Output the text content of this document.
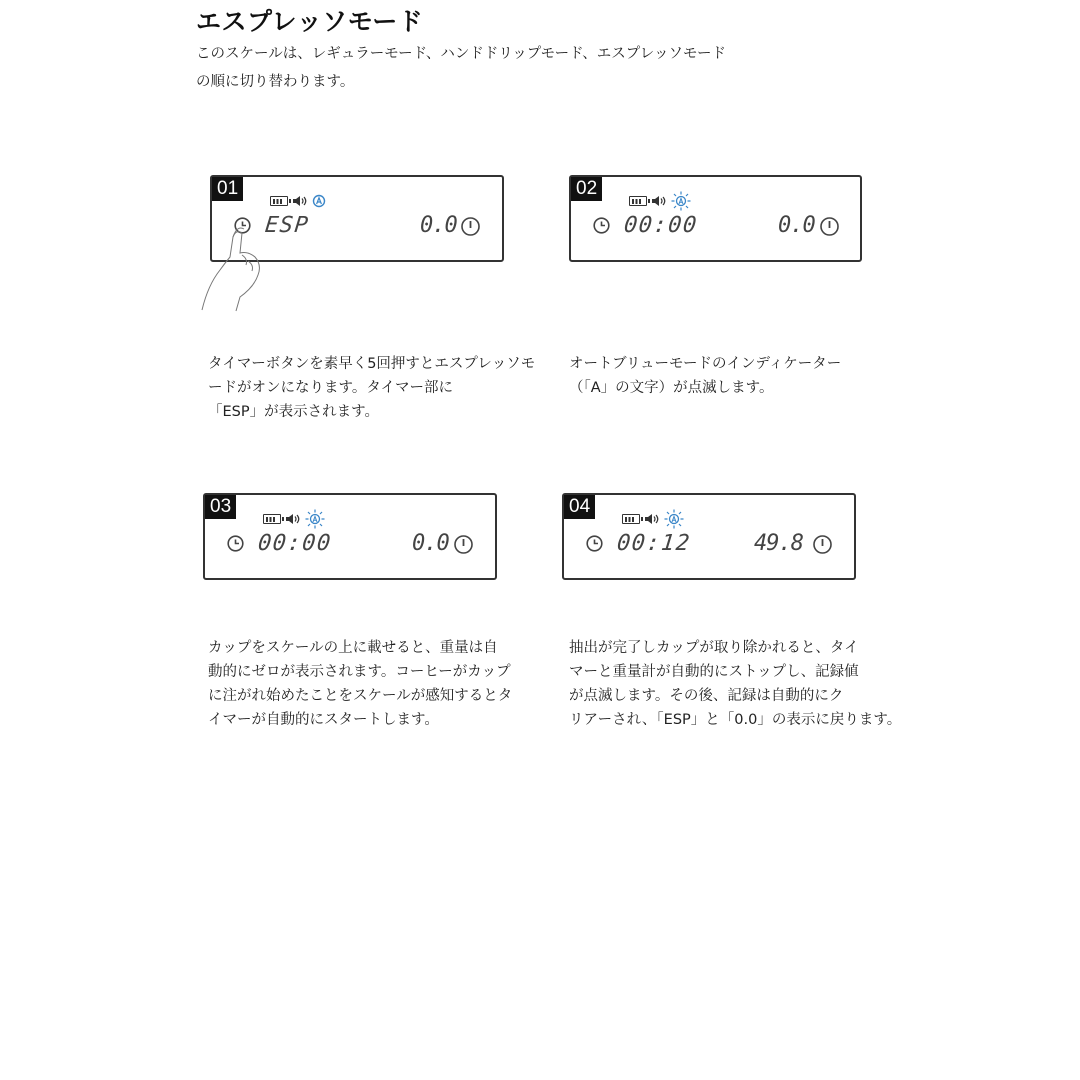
エスプレッソモード
このスケールは、レギュラーモード、ハンドドリップモード、エスプレッソモード
の順に切り替わります。
01
ESP	0.0
タイマーボタンを素早く5回押すとエスプレッソモ
ードがオンになります。タイマー部に
「ESP」が表示されます。
02
00:00	0.0
オートブリューモードのインディケーター
（「A」の文字）が点滅します。
03
00:00	0.0
カップをスケールの上に載せると、重量は自
動的にゼロが表示されます。コーヒーがカップ
に注がれ始めたことをスケールが感知するとタ
イマーが自動的にスタートします。
04
00:12	49.8
抽出が完了しカップが取り除かれると、タイ
マーと重量計が自動的にストップし、記録値
が点滅します。その後、記録は自動的にク
リアーされ、「ESP」と「0.0」の表示に戻ります。
